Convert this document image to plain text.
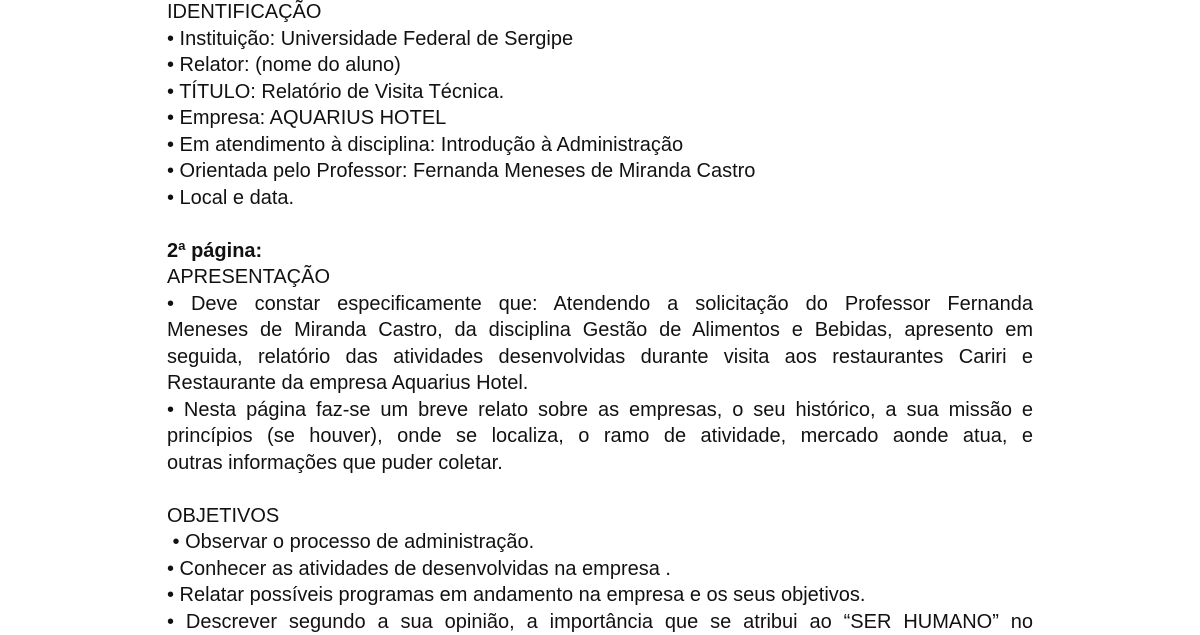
IDENTIFICAÇÃO
• Instituição: Universidade Federal de Sergipe
• Relator: (nome do aluno)
• TÍTULO: Relatório de Visita Técnica.
• Empresa: AQUARIUS HOTEL
• Em atendimento à disciplina: Introdução à Administração
• Orientada pelo Professor: Fernanda Meneses de Miranda Castro
• Local e data.
2ª página:
APRESENTAÇÃO
• Deve constar especificamente que: Atendendo a solicitação do Professor Fernanda
Meneses de Miranda Castro, da disciplina Gestão de Alimentos e Bebidas, apresento em
seguida, relatório das atividades desenvolvidas durante visita aos restaurantes Cariri e
Restaurante da empresa Aquarius Hotel.
• Nesta página faz-se um breve relato sobre as empresas, o seu histórico, a sua missão e
princípios (se houver), onde se localiza, o ramo de atividade, mercado aonde atua, e
outras informações que puder coletar.
OBJETIVOS
• Observar o processo de administração.
• Conhecer as atividades de desenvolvidas na empresa .
• Relatar possíveis programas em andamento na empresa e os seus objetivos.
• Descrever segundo a sua opinião, a importância que se atribui ao “SER HUMANO” no
